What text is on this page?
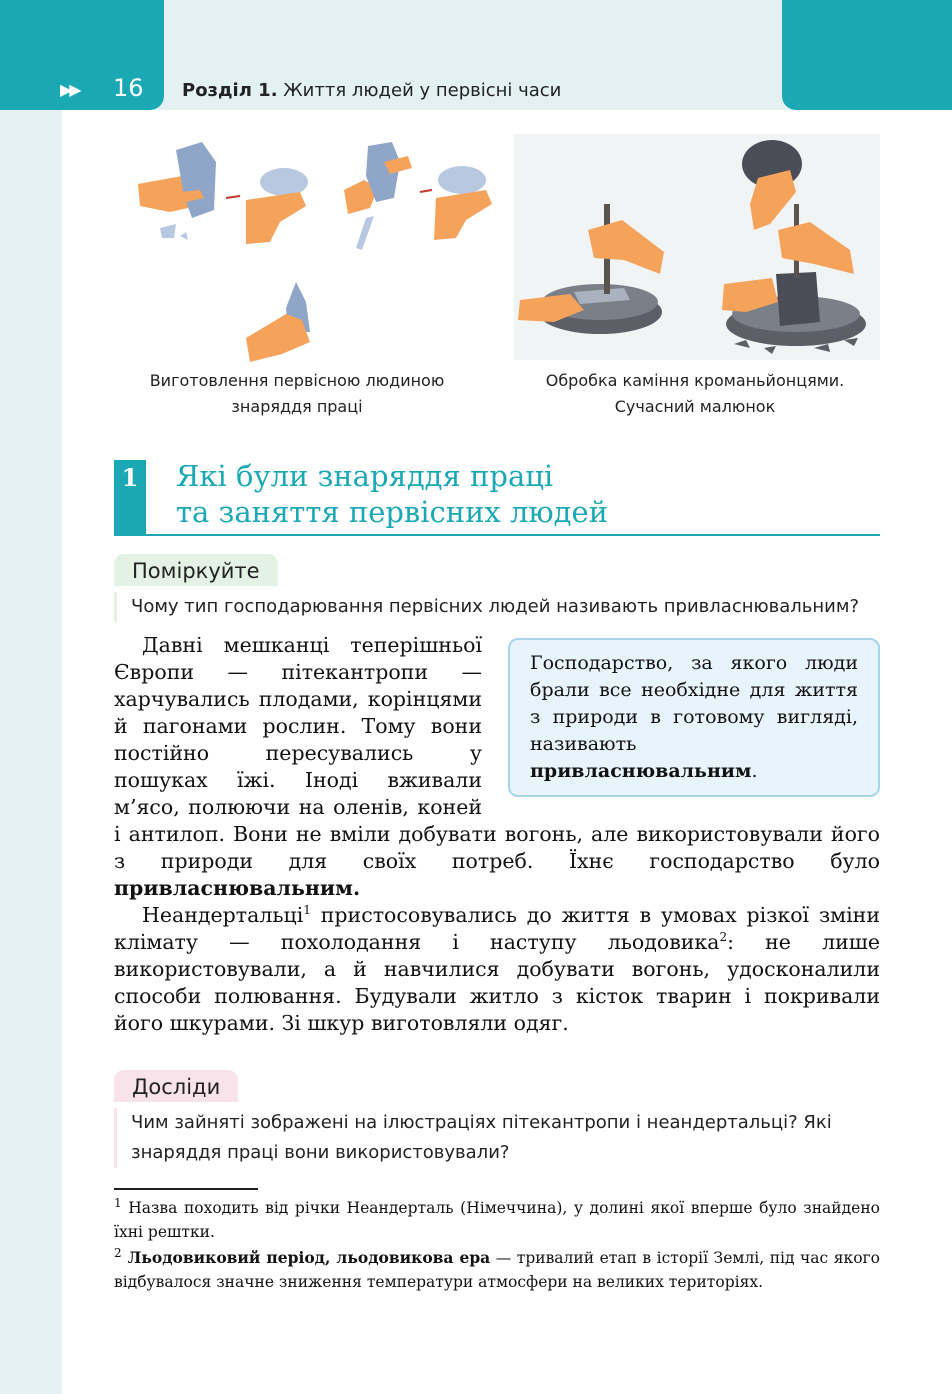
▶▶ 16 Розділ 1. Життя людей у первісні часи
Виготовлення первісною людиною
знаряддя праці
Обробка каміння кроманьйонцями.
Сучасний малюнок
1 Які були знаряддя праці
та заняття первісних людей
Поміркуйте
Чому тип господарювання первісних людей називають привласнювальним?
Господарство, за якого люди брали все необхідне для життя з природи в готовому вигляді, називають привласнювальним.

Давні мешканці теперішньої Європи — пітекантропи — харчувались плодами, корінцями й пагонами рослин. Тому вони постійно пересувались у пошуках їжі. Іноді вживали м’ясо, полюючи на оленів, коней і антилоп. Вони не вміли добувати вогонь, але використовували його з природи для своїх потреб. Їхнє господарство було привласнювальним.

Неандертальці$^1$ пристосовувались до життя в умовах різкої зміни клімату — похолодання і наступу льодовика$^2$: не лише використовували, а й навчилися добувати вогонь, удосконалили способи полювання. Будували житло з кісток тварин і покривали його шкурами. Зі шкур виготовляли одяг.

Досліди
Чим зайняті зображені на ілюстраціях пітекантропи і неандертальці? Які знаряддя праці вони використовували?

$^1$ Назва походить від річки Неандерталь (Німеччина), у долині якої вперше було знайдено їхні рештки.

$^2$ Льодовиковий період, льодовикова ера — тривалий етап в історії Землі, під час якого відбувалося значне зниження температури атмосфери на великих територіях.
